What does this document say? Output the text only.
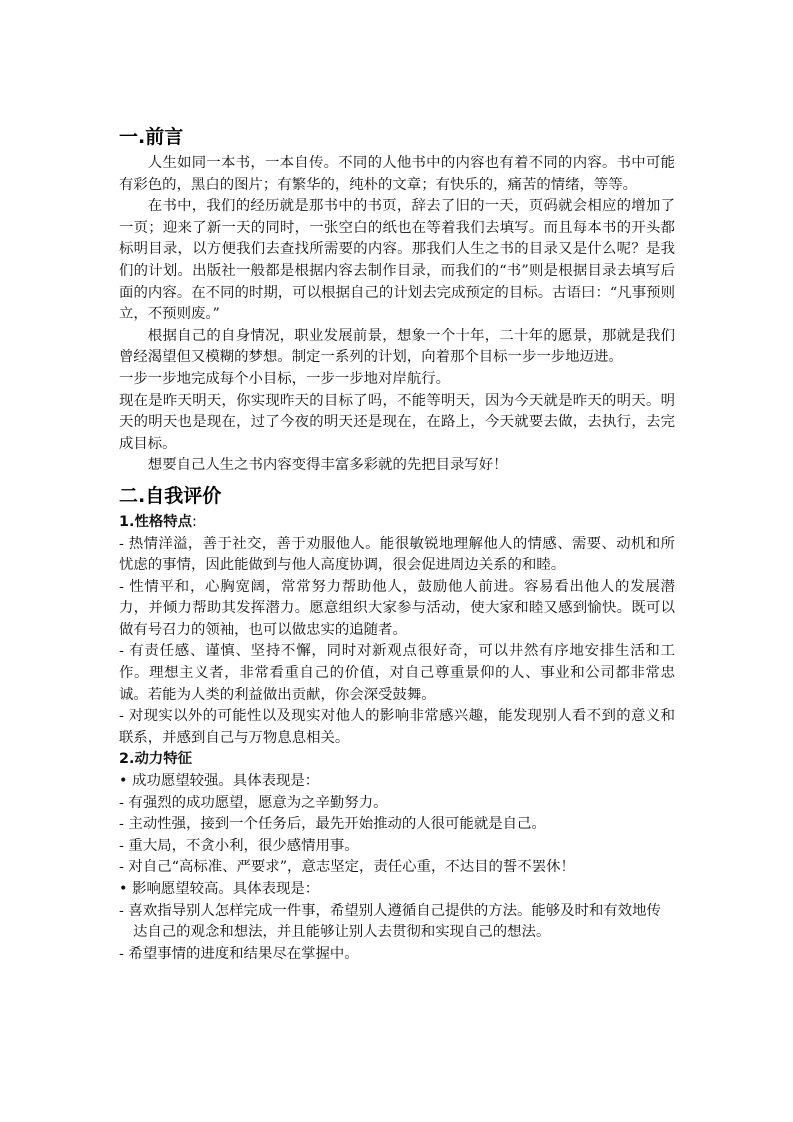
一.前言

人生如同一本书，一本自传。不同的人他书中的内容也有着不同的内容。书中可能有彩色的，黑白的图片；有繁华的，纯朴的文章；有快乐的，痛苦的情绪，等等。

在书中，我们的经历就是那书中的书页，辞去了旧的一天，页码就会相应的增加了一页；迎来了新一天的同时，一张空白的纸也在等着我们去填写。而且每本书的开头都标明目录，以方便我们去查找所需要的内容。那我们人生之书的目录又是什么呢？是我们的计划。出版社一般都是根据内容去制作目录，而我们的“书”则是根据目录去填写后面的内容。在不同的时期，可以根据自己的计划去完成预定的目标。古语曰：“凡事预则立，不预则废。”

根据自己的自身情况，职业发展前景，想象一个十年，二十年的愿景，那就是我们曾经渴望但又模糊的梦想。制定一系列的计划，向着那个目标一步一步地迈进。

一步一步地完成每个小目标，一步一步地对岸航行。

现在是昨天明天，你实现昨天的目标了吗，不能等明天，因为今天就是昨天的明天。明天的明天也是现在，过了今夜的明天还是现在，在路上，今天就要去做，去执行，去完成目标。

想要自己人生之书内容变得丰富多彩就的先把目录写好！

二.自我评价
1.性格特点:

- 热情洋溢，善于社交，善于劝服他人。能很敏锐地理解他人的情感、需要、动机和所忧虑的事情，因此能做到与他人高度协调，很会促进周边关系的和睦。

- 性情平和，心胸宽阔，常常努力帮助他人，鼓励他人前进。容易看出他人的发展潜力，并倾力帮助其发挥潜力。愿意组织大家参与活动，使大家和睦又感到愉快。既可以做有号召力的领袖，也可以做忠实的追随者。

- 有责任感、谨慎、坚持不懈，同时对新观点很好奇，可以井然有序地安排生活和工作。理想主义者，非常看重自己的价值，对自己尊重景仰的人、事业和公司都非常忠诚。若能为人类的利益做出贡献，你会深受鼓舞。

- 对现实以外的可能性以及现实对他人的影响非常感兴趣，能发现别人看不到的意义和联系，并感到自己与万物息息相关。

2.动力特征

• 成功愿望较强。具体表现是：

- 有强烈的成功愿望，愿意为之辛勤努力。

- 主动性强，接到一个任务后，最先开始推动的人很可能就是自己。

- 重大局，不贪小利，很少感情用事。

- 对自己“高标准、严要求”，意志坚定，责任心重，不达目的誓不罢休！

• 影响愿望较高。具体表现是：

- 喜欢指导别人怎样完成一件事，希望别人遵循自己提供的方法。能够及时和有效地传

达自己的观念和想法，并且能够让别人去贯彻和实现自己的想法。

- 希望事情的进度和结果尽在掌握中。
